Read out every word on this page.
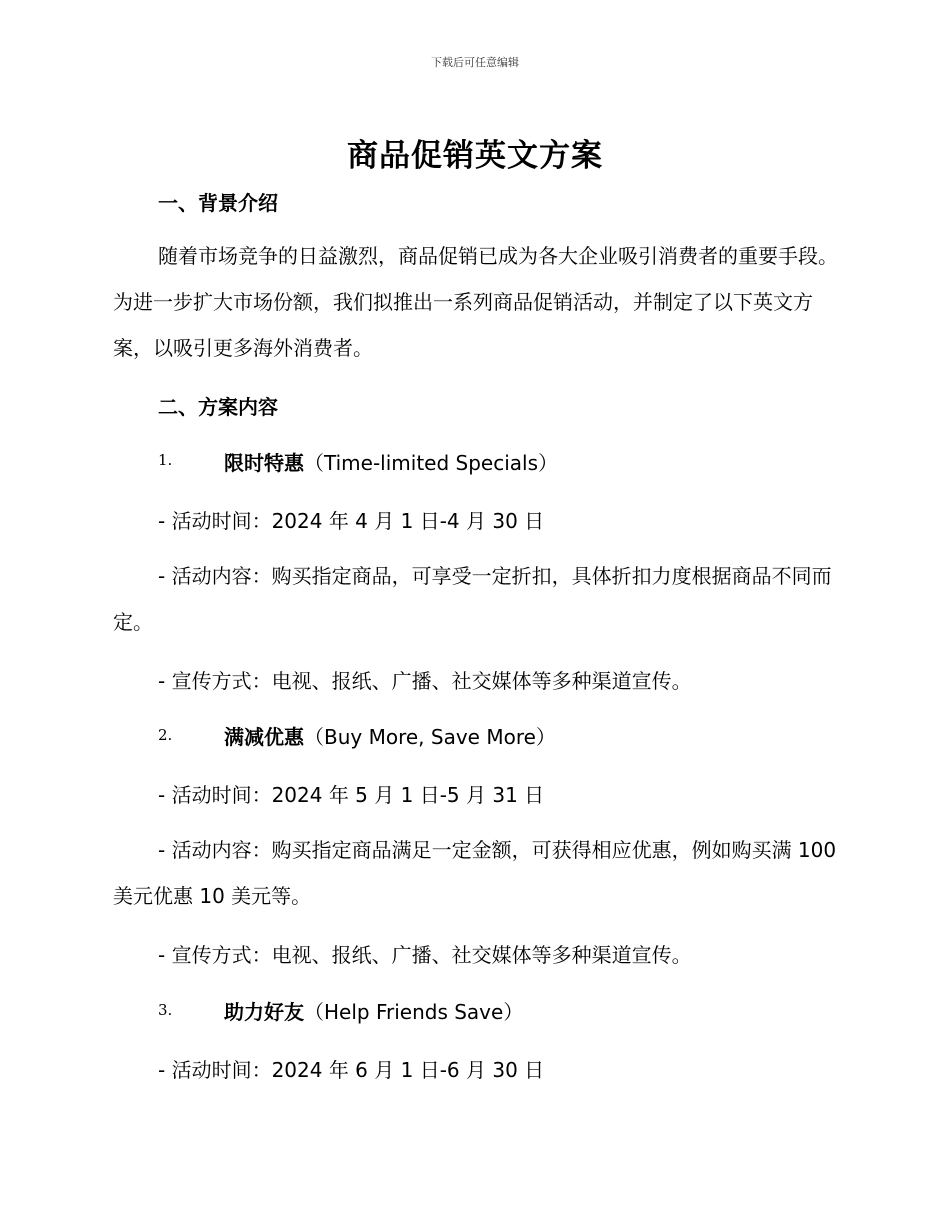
下载后可任意编辑
商品促销英文方案
一、背景介绍
随着市场竞争的日益激烈，商品促销已成为各大企业吸引消费者的重要手段。为进一步扩大市场份额，我们拟推出一系列商品促销活动，并制定了以下英文方案，以吸引更多海外消费者。
二、方案内容
1.	限时特惠（Time-limited Specials）
- 活动时间：2024 年 4 月 1 日-4 月 30 日
- 活动内容：购买指定商品，可享受一定折扣，具体折扣力度根据商品不同而定。
- 宣传方式：电视、报纸、广播、社交媒体等多种渠道宣传。
2.	满减优惠（Buy More, Save More）
- 活动时间：2024 年 5 月 1 日-5 月 31 日
- 活动内容：购买指定商品满足一定金额，可获得相应优惠，例如购买满 100 美元优惠 10 美元等。
- 宣传方式：电视、报纸、广播、社交媒体等多种渠道宣传。
3.	助力好友（Help Friends Save）
- 活动时间：2024 年 6 月 1 日-6 月 30 日
